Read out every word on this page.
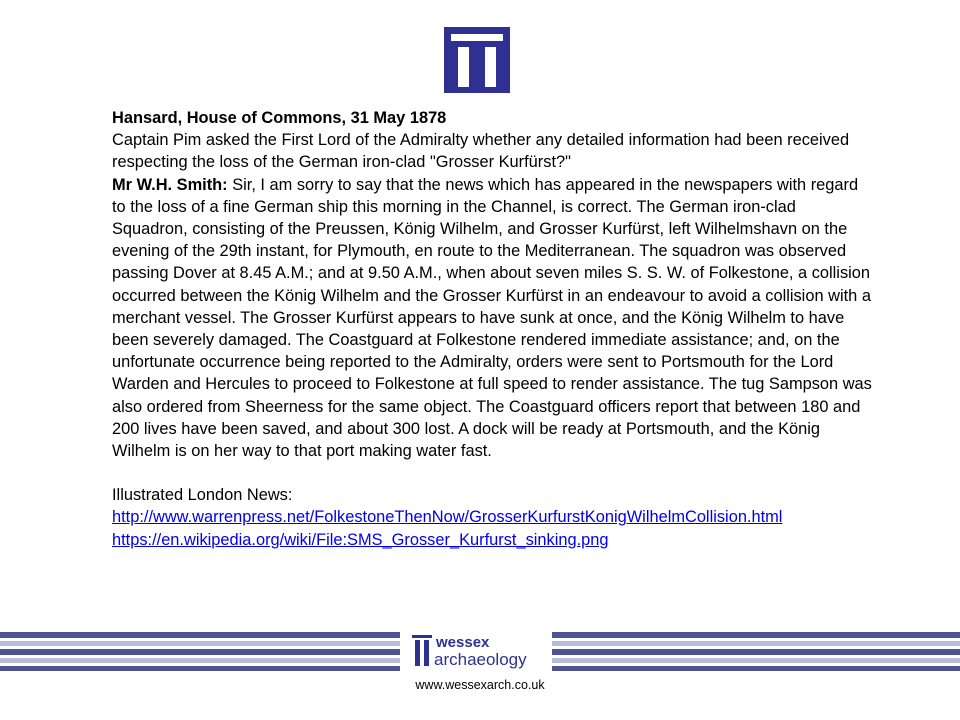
Hansard, House of Commons, 31 May 1878

Captain Pim asked the First Lord of the Admiralty whether any detailed information had been received respecting the loss of the German iron-clad "Grosser Kurfürst?"

Mr W.H. Smith: Sir, I am sorry to say that the news which has appeared in the newspapers with regard to the loss of a fine German ship this morning in the Channel, is correct. The German iron-clad Squadron, consisting of the Preussen, König Wilhelm, and Grosser Kurfürst, left Wilhelmshavn on the evening of the 29th instant, for Plymouth, en route to the Mediterranean. The squadron was observed passing Dover at 8.45 A.M.; and at 9.50 A.M., when about seven miles S. S. W. of Folkestone, a collision occurred between the König Wilhelm and the Grosser Kurfürst in an endeavour to avoid a collision with a merchant vessel. The Grosser Kurfürst appears to have sunk at once, and the König Wilhelm to have been severely damaged. The Coastguard at Folkestone rendered immediate assistance; and, on the unfortunate occurrence being reported to the Admiralty, orders were sent to Portsmouth for the Lord Warden and Hercules to proceed to Folkestone at full speed to render assistance. The tug Sampson was also ordered from Sheerness for the same object. The Coastguard officers report that between 180 and 200 lives have been saved, and about 300 lost. A dock will be ready at Portsmouth, and the König Wilhelm is on her way to that port making water fast.

Illustrated London News:

http://www.warrenpress.net/FolkestoneThenNow/GrosserKurfurstKonigWilhelmCollision.html

https://en.wikipedia.org/wiki/File:SMS_Grosser_Kurfurst_sinking.png

wessex
archaeology
www.wessexarch.co.uk
